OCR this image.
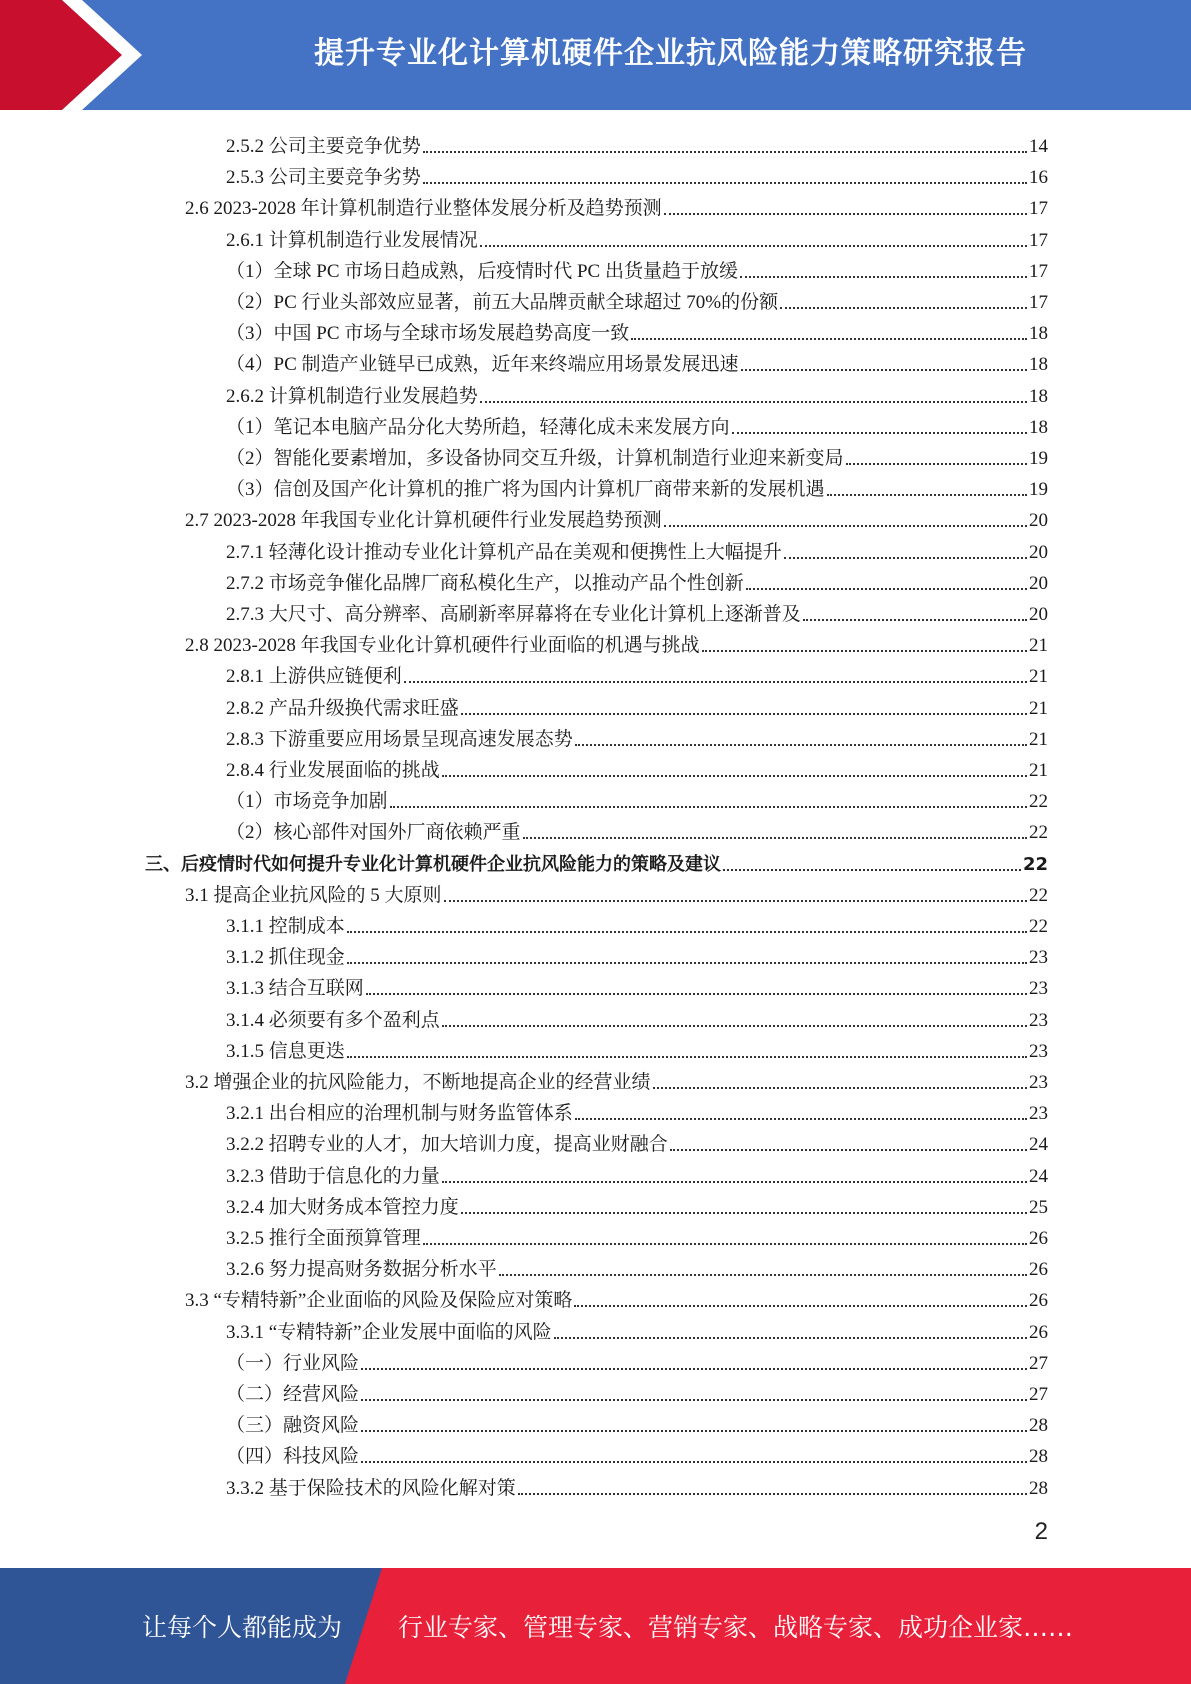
提升专业化计算机硬件企业抗风险能力策略研究报告
2.5.2 公司主要竞争优势	14
2.5.3 公司主要竞争劣势	16
2.6 2023-2028 年计算机制造行业整体发展分析及趋势预测	17
2.6.1 计算机制造行业发展情况	17
（1）全球 PC 市场日趋成熟，后疫情时代 PC 出货量趋于放缓	17
（2）PC 行业头部效应显著，前五大品牌贡献全球超过 70%的份额	17
（3）中国 PC 市场与全球市场发展趋势高度一致	18
（4）PC 制造产业链早已成熟，近年来终端应用场景发展迅速	18
2.6.2 计算机制造行业发展趋势	18
（1）笔记本电脑产品分化大势所趋，轻薄化成未来发展方向	18
（2）智能化要素增加，多设备协同交互升级，计算机制造行业迎来新变局	19
（3）信创及国产化计算机的推广将为国内计算机厂商带来新的发展机遇	19
2.7 2023-2028 年我国专业化计算机硬件行业发展趋势预测	20
2.7.1 轻薄化设计推动专业化计算机产品在美观和便携性上大幅提升	20
2.7.2 市场竞争催化品牌厂商私模化生产，以推动产品个性创新	20
2.7.3 大尺寸、高分辨率、高刷新率屏幕将在专业化计算机上逐渐普及	20
2.8 2023-2028 年我国专业化计算机硬件行业面临的机遇与挑战	21
2.8.1 上游供应链便利	21
2.8.2 产品升级换代需求旺盛	21
2.8.3 下游重要应用场景呈现高速发展态势	21
2.8.4 行业发展面临的挑战	21
（1）市场竞争加剧	22
（2）核心部件对国外厂商依赖严重	22
三、后疫情时代如何提升专业化计算机硬件企业抗风险能力的策略及建议	22
3.1 提高企业抗风险的 5 大原则	22
3.1.1 控制成本	22
3.1.2 抓住现金	23
3.1.3 结合互联网	23
3.1.4 必须要有多个盈利点	23
3.1.5 信息更迭	23
3.2 增强企业的抗风险能力，不断地提高企业的经营业绩	23
3.2.1 出台相应的治理机制与财务监管体系	23
3.2.2 招聘专业的人才，加大培训力度，提高业财融合	24
3.2.3 借助于信息化的力量	24
3.2.4 加大财务成本管控力度	25
3.2.5 推行全面预算管理	26
3.2.6 努力提高财务数据分析水平	26
3.3 “专精特新”企业面临的风险及保险应对策略	26
3.3.1 “专精特新”企业发展中面临的风险	26
（一）行业风险	27
（二）经营风险	27
（三）融资风险	28
（四）科技风险	28
3.3.2 基于保险技术的风险化解对策	28
2
让每个人都能成为 行业专家、管理专家、营销专家、战略专家、成功企业家……
